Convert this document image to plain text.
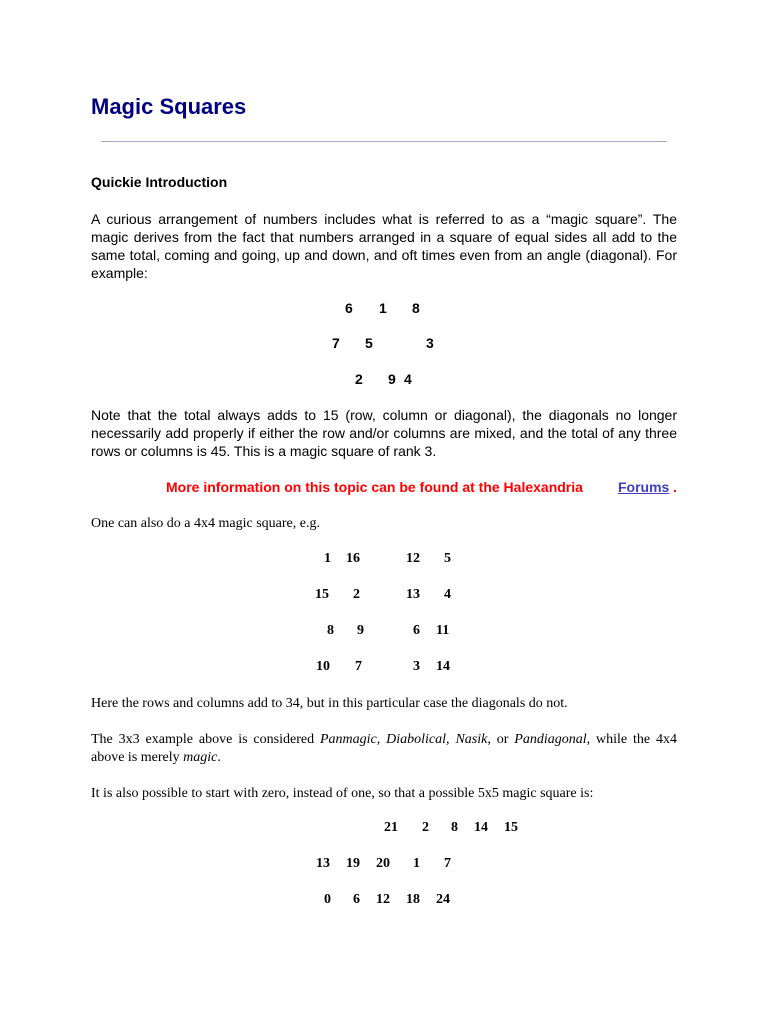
Magic Squares
Quickie Introduction

A curious arrangement of numbers includes what is referred to as a “magic square”. The magic derives from the fact that numbers arranged in a square of equal sides all add to the same total, coming and going, up and down, and oft times even from an angle (diagonal). For example:

6 1 8
7 5	3
2 9 4

Note that the total always adds to 15 (row, column or diagonal), the diagonals no longer necessarily add properly if either the row and/or columns are mixed, and the total of any three rows or columns is 45. This is a magic square of rank 3.

More information on this topic can be found at the Halexandria	Forums .

One can also do a 4x4 magic square, e.g.

1 16	12 5
15 2	13 4
8 9	6 11
10 7	3 14

Here the rows and columns add to 34, but in this particular case the diagonals do not.

The 3x3 example above is considered Panmagic, Diabolical, Nasik, or Pandiagonal, while the 4x4 above is merely magic.

It is also possible to start with zero, instead of one, so that a possible 5x5 magic square is:

21 2 8 14 15
13 19 20 1 7
0 6 12 18 24
